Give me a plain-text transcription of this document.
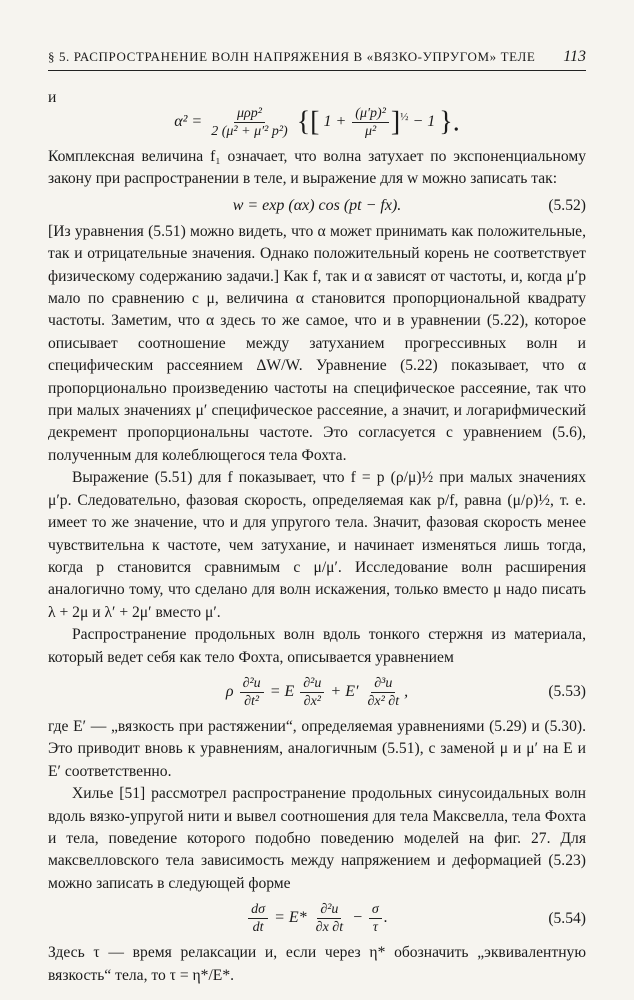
§ 5. РАСПРОСТРАНЕНИЕ ВОЛН НАПРЯЖЕНИЯ В «ВЯЗКО-УПРУГОМ» ТЕЛЕ 113
и
$\alpha^2 = \frac{\text{μρp²}}{\text{2 (μ² + μ′² p²)}}$ {[ $1 + \frac{\text{(μ′p)²}}{\text{μ²}} ]^{\frac{1}{2}} - 1$ }.

Комплексная величина f₁ означает, что волна затухает по экспоненциальному закону при распространении в теле, и выражение для w можно записать так:

w = exp (αx) cos (pt − fx).	(5.52)

[Из уравнения (5.51) можно видеть, что α может принимать как положительные, так и отрицательные значения. Однако положительный корень не соответствует физическому содержанию задачи.] Как f, так и α зависят от частоты, и, когда μ′p мало по сравнению с μ, величина α становится пропорциональной квадрату частоты. Заметим, что α здесь то же самое, что и в уравнении (5.22), которое описывает соотношение между затуханием прогрессивных волн и специфическим рассеянием ΔW/W. Уравнение (5.22) показывает, что α пропорционально произведению частоты на специфическое рассеяние, так что при малых значениях μ′ специфическое рассеяние, а значит, и логарифмический декремент пропорциональны частоте. Это согласуется с уравнением (5.6), полученным для колеблющегося тела Фохта.

Выражение (5.51) для f показывает, что f = p (ρ/μ)½ при малых значениях μ′p. Следовательно, фазовая скорость, определяемая как p/f, равна (μ/ρ)½, т. е. имеет то же значение, что и для упругого тела. Значит, фазовая скорость менее чувствительна к частоте, чем затухание, и начинает изменяться лишь тогда, когда p становится сравнимым с μ/μ′. Исследование волн расширения аналогично тому, что сделано для волн искажения, только вместо μ надо писать λ + 2μ и λ′ + 2μ′ вместо μ′.

Распространение продольных волн вдоль тонкого стержня из материала, который ведет себя как тело Фохта, описывается уравнением

ρ $\frac{\text{∂²u}}{\text{∂t²}} = E \frac{\text{∂²u}}{\text{∂x²}} + E' \frac{\text{∂³u}}{\text{∂x² ∂t}}$ ,	(5.53)

где E′ — „вязкость при растяжении“, определяемая уравнениями (5.29) и (5.30). Это приводит вновь к уравнениям, аналогичным (5.51), с заменой μ и μ′ на E и E′ соответственно.

Хилье [51] рассмотрел распространение продольных синусоидальных волн вдоль вязко-упругой нити и вывел соотношения для тела Максвелла, тела Фохта и тела, поведение которого подобно поведению моделей на фиг. 27. Для максвелловского тела зависимость между напряжением и деформацией (5.23) можно записать в следующей форме

$\frac{d\sigma}{dt} = E* \frac{\text{∂²u}}{\partial x \partial t} - \frac{\sigma}{\tau}$ .	(5.54)

Здесь τ — время релаксации и, если через η* обозначить „эквивалентную вязкость“ тела, то τ = η*/E*.
